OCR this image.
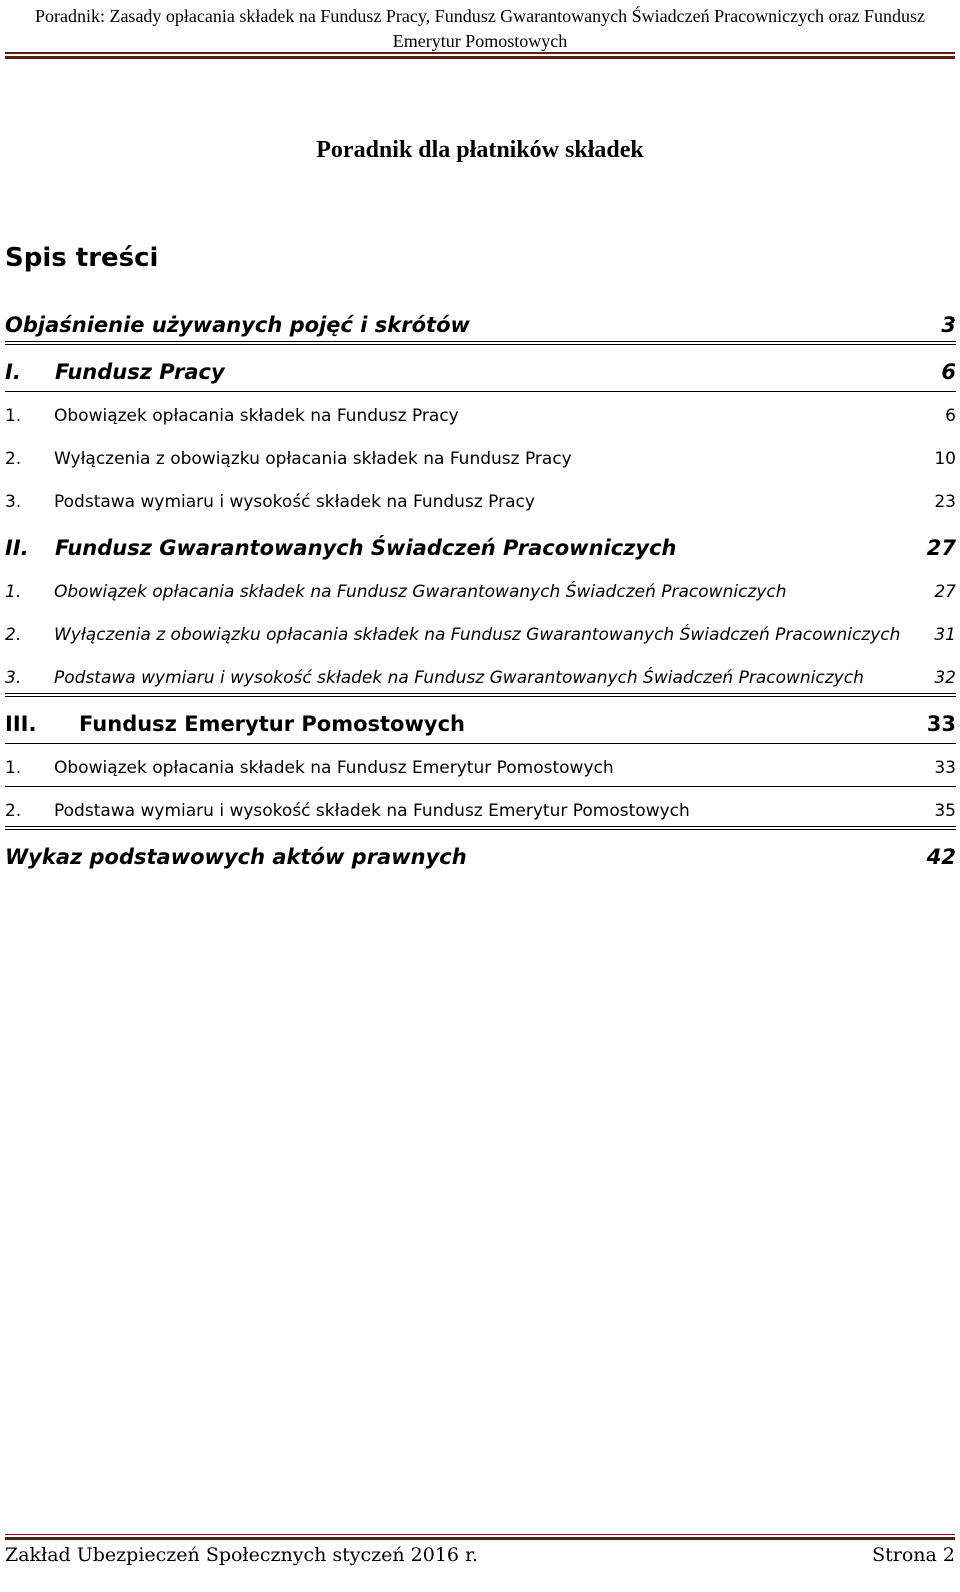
Poradnik: Zasady opłacania składek na Fundusz Pracy, Fundusz Gwarantowanych Świadczeń Pracowniczych oraz Fundusz
Emerytur Pomostowych
Poradnik dla płatników składek
Spis treści
Objaśnienie używanych pojęć i skrótów	3
I.	Fundusz Pracy	6
1.	Obowiązek opłacania składek na Fundusz Pracy	6
2.	Wyłączenia z obowiązku opłacania składek na Fundusz Pracy	10
3.	Podstawa wymiaru i wysokość składek na Fundusz Pracy	23
II.	Fundusz Gwarantowanych Świadczeń Pracowniczych	27
1.	Obowiązek opłacania składek na Fundusz Gwarantowanych Świadczeń Pracowniczych	27
2.	Wyłączenia z obowiązku opłacania składek na Fundusz Gwarantowanych Świadczeń Pracowniczych 31
3.	Podstawa wymiaru i wysokość składek na Fundusz Gwarantowanych Świadczeń Pracowniczych	32
III.	Fundusz Emerytur Pomostowych	33
1.	Obowiązek opłacania składek na Fundusz Emerytur Pomostowych	33
2.	Podstawa wymiaru i wysokość składek na Fundusz Emerytur Pomostowych	35
Wykaz podstawowych aktów prawnych	42
Zakład Ubezpieczeń Społecznych styczeń 2016 r.	Strona 2
